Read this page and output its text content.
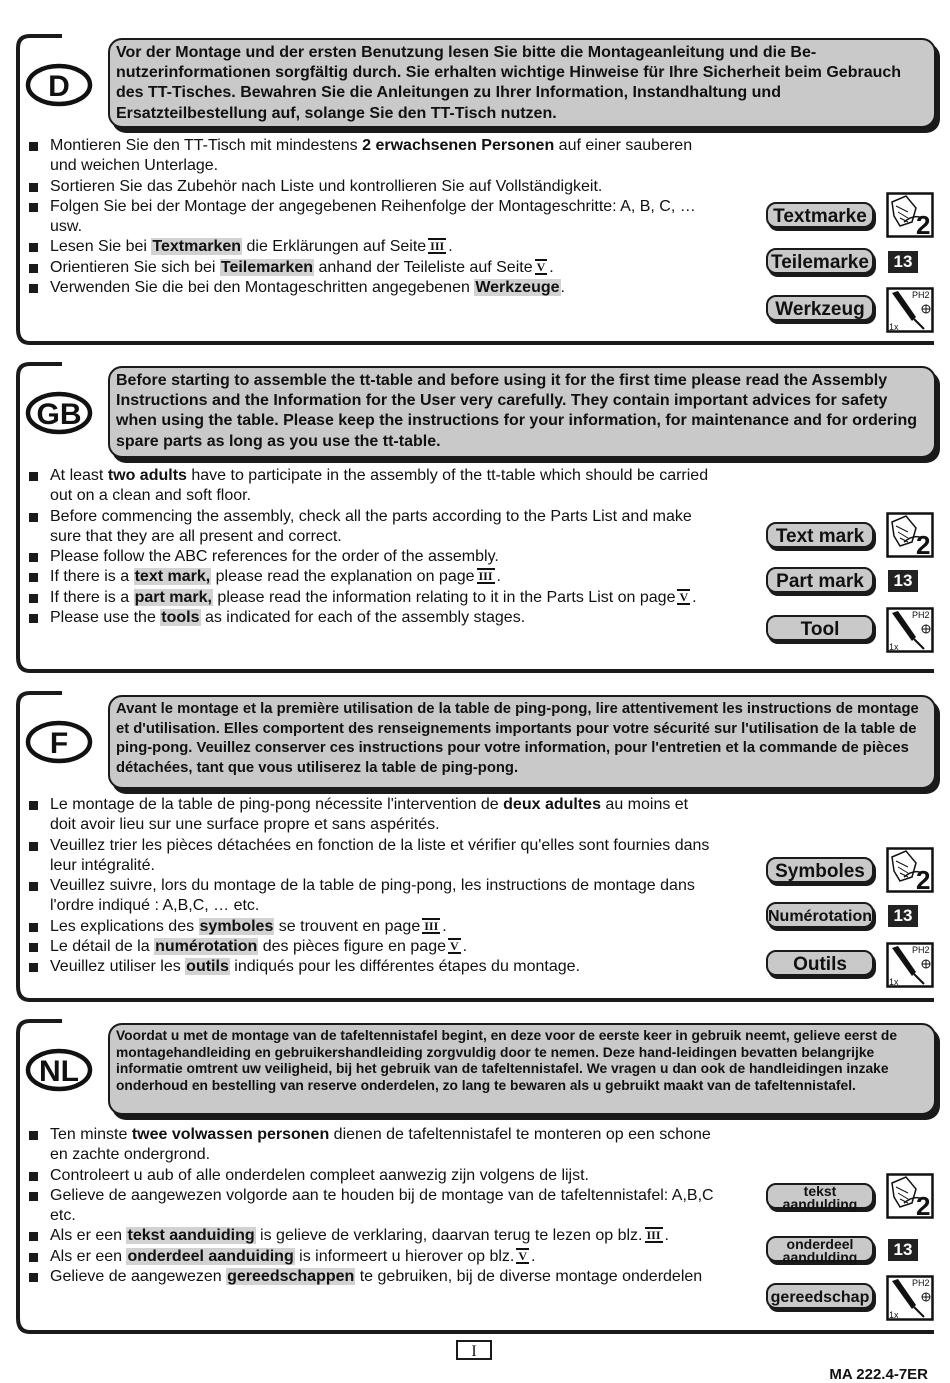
D
Vor der Montage und der ersten Benutzung lesen Sie bitte die Montageanleitung und die Be-nutzerinformationen sorgfältig durch. Sie erhalten wichtige Hinweise für Ihre Sicherheit beim Gebrauch des TT-Tisches. Bewahren Sie die Anleitungen zu Ihrer Information, Instandhaltung und Ersatzteilbestellung auf, solange Sie den TT-Tisch nutzen.
Montieren Sie den TT-Tisch mit mindestens 2 erwachsenen Personen auf einer sauberen und weichen Unterlage.
Sortieren Sie das Zubehör nach Liste und kontrollieren Sie auf Vollständigkeit.
Folgen Sie bei der Montage der angegebenen Reihenfolge der Montageschritte: A, B, C, … usw.
Lesen Sie bei Textmarken die Erklärungen auf Seite III .
Orientieren Sie sich bei Teilemarken anhand der Teileliste auf Seite V .
Verwenden Sie die bei den Montageschritten angegebenen Werkzeuge.
Textmarke 2
Teilemarke	13
Werkzeug
PH2
1x
GB
Before starting to assemble the tt-table and before using it for the first time please read the Assembly Instructions and the Information for the User very carefully. They contain important advices for safety when using the table. Please keep the instructions for your information, for maintenance and for ordering spare parts as long as you use the tt-table.
At least two adults have to participate in the assembly of the tt-table which should be carried out on a clean and soft floor.
Before commencing the assembly, check all the parts according to the Parts List and make sure that they are all present and correct.
Please follow the ABC references for the order of the assembly.
If there is a text mark, please read the explanation on page III .
If there is a part mark, please read the information relating to it in the Parts List on page V .
Please use the tools as indicated for each of the assembly stages.
Text mark	2
Part mark	13
Tool
PH2
1x
F
Avant le montage et la première utilisation de la table de ping-pong, lire attentivement les instructions de montage et d'utilisation. Elles comportent des renseignements importants pour votre sécurité sur l'utilisation de la table de ping-pong. Veuillez conserver ces instructions pour votre information, pour l'entretien et la commande de pièces détachées, tant que vous utiliserez la table de ping-pong.
Le montage de la table de ping-pong nécessite l'intervention de deux adultes au moins et doit avoir lieu sur une surface propre et sans aspérités.
Veuillez trier les pièces détachées en fonction de la liste et vérifier qu'elles sont fournies dans leur intégralité.
Veuillez suivre, lors du montage de la table de ping-pong, les instructions de montage dans l'ordre indiqué : A,B,C, … etc.
Les explications des symboles se trouvent en page III .
Le détail de la numérotation des pièces figure en page V .
Veuillez utiliser les outils indiqués pour les différentes étapes du montage.
Symboles	2
Numérotation	13
Outils
PH2
1x
NL
Voordat u met de montage van de tafeltennistafel begint, en deze voor de eerste keer in gebruik neemt, gelieve eerst de montagehandleiding en gebruikershandleiding zorgvuldig door te nemen. Deze hand-leidingen bevatten belangrijke informatie omtrent uw veiligheid, bij het gebruik van de tafeltennistafel. We vragen u dan ook de handleidingen inzake onderhoud en bestelling van reserve onderdelen, zo lang te bewaren als u gebruikt maakt van de tafeltennistafel.
Ten minste twee volwassen personen dienen de tafeltennistafel te monteren op een schone en zachte ondergrond.
Controleert u aub of alle onderdelen compleet aanwezig zijn volgens de lijst.
Gelieve de aangewezen volgorde aan te houden bij de montage van de tafeltennistafel: A,B,C etc.
Als er een tekst aanduiding is gelieve de verklaring, daarvan terug te lezen op blz. III .
Als er een onderdeel aanduiding is informeert u hierover op blz. V .
Gelieve de aangewezen gereedschappen te gebruiken, bij de diverse montage onderdelen
tekst aandulding	2
onderdeel aandulding	13
gereedschap
PH2
1x
I
MA 222.4-7ER
